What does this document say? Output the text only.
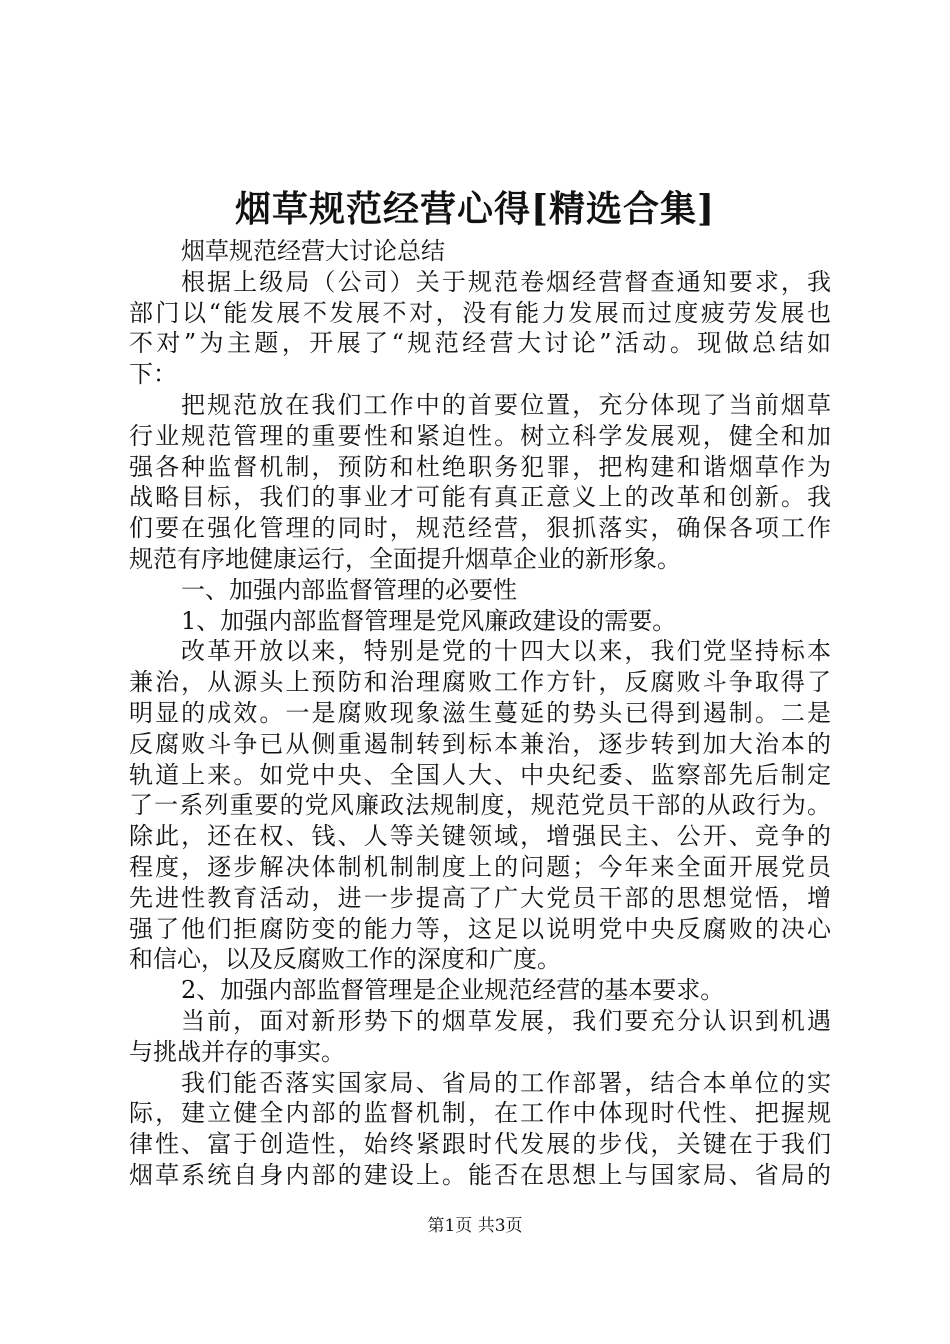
烟草规范经营心得[精选合集]
烟草规范经营大讨论总结
根据上级局（公司）关于规范卷烟经营督查通知要求，我
部门以“能发展不发展不对，没有能力发展而过度疲劳发展也
不对”为主题，开展了“规范经营大讨论”活动。现做总结如
下：
把规范放在我们工作中的首要位置，充分体现了当前烟草
行业规范管理的重要性和紧迫性。树立科学发展观，健全和加
强各种监督机制，预防和杜绝职务犯罪，把构建和谐烟草作为
战略目标，我们的事业才可能有真正意义上的改革和创新。我
们要在强化管理的同时，规范经营，狠抓落实，确保各项工作
规范有序地健康运行，全面提升烟草企业的新形象。
一、加强内部监督管理的必要性
1、加强内部监督管理是党风廉政建设的需要。
改革开放以来，特别是党的十四大以来，我们党坚持标本
兼治，从源头上预防和治理腐败工作方针，反腐败斗争取得了
明显的成效。一是腐败现象滋生蔓延的势头已得到遏制。二是
反腐败斗争已从侧重遏制转到标本兼治，逐步转到加大治本的
轨道上来。如党中央、全国人大、中央纪委、监察部先后制定
了一系列重要的党风廉政法规制度，规范党员干部的从政行为。
除此，还在权、钱、人等关键领域，增强民主、公开、竞争的
程度，逐步解决体制机制制度上的问题；今年来全面开展党员
先进性教育活动，进一步提高了广大党员干部的思想觉悟，增
强了他们拒腐防变的能力等，这足以说明党中央反腐败的决心
和信心，以及反腐败工作的深度和广度。
2、加强内部监督管理是企业规范经营的基本要求。
当前，面对新形势下的烟草发展，我们要充分认识到机遇
与挑战并存的事实。
我们能否落实国家局、省局的工作部署，结合本单位的实
际，建立健全内部的监督机制，在工作中体现时代性、把握规
律性、富于创造性，始终紧跟时代发展的步伐，关键在于我们
烟草系统自身内部的建设上。能否在思想上与国家局、省局的
第1页 共3页
